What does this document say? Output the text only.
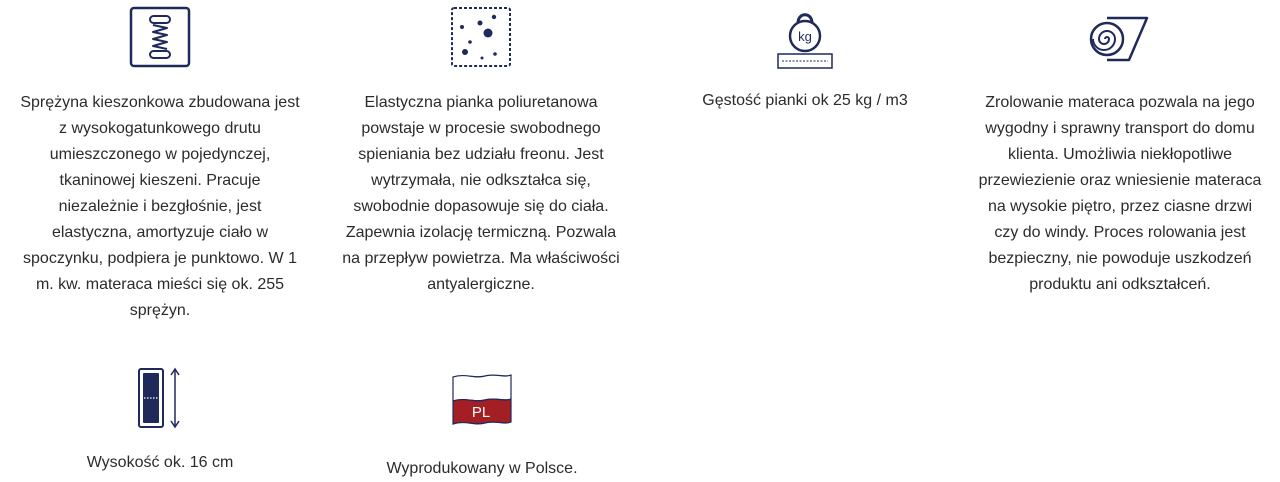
Sprężyna kieszonkowa zbudowana jest z wysokogatunkowego drutu umieszczonego w pojedynczej, tkaninowej kieszeni. Pracuje niezależnie i bezgłośnie, jest elastyczna, amortyzuje ciało w spoczynku, podpiera je punktowo. W 1 m. kw. materaca mieści się ok. 255 sprężyn.

Elastyczna pianka poliuretanowa powstaje w procesie swobodnego spieniania bez udziału freonu. Jest wytrzymała, nie odkształca się, swobodnie dopasowuje się do ciała. Zapewnia izolację termiczną. Pozwala na przepływ powietrza. Ma właściwości antyalergiczne.

kg

Gęstość pianki ok 25 kg / m3	Zrolowanie materaca pozwala na jego wygodny i sprawny transport do domu klienta. Umożliwia niekłopotliwe przewiezienie oraz wniesienie materaca na wysokie piętro, przez ciasne drzwi czy do windy. Proces rolowania jest bezpieczny, nie powoduje uszkodzeń produktu ani odkształceń.

Wysokość ok. 16 cm

PL

Wyprodukowany w Polsce.
